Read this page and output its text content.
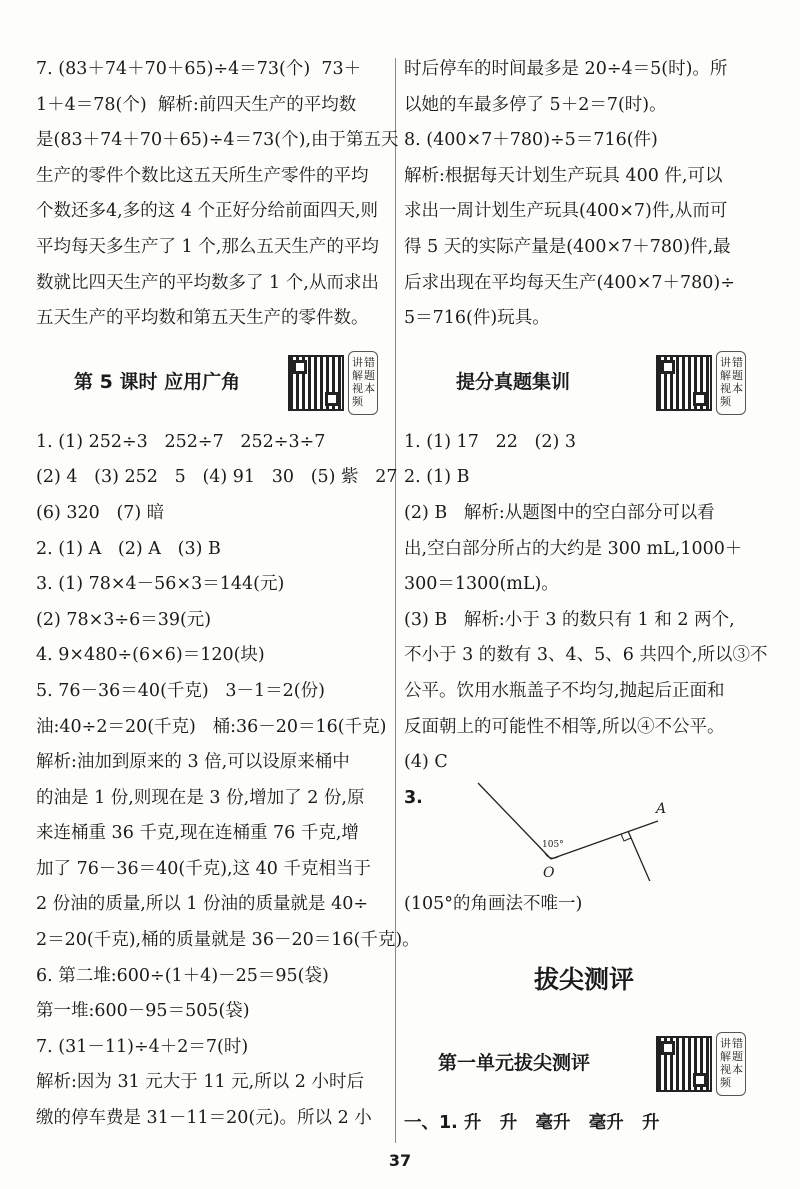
7. (83＋74＋70＋65)÷4＝73(个)  73＋
1＋4＝78(个)  解析:前四天生产的平均数
是(83＋74＋70＋65)÷4＝73(个),由于第五天
生产的零件个数比这五天所生产零件的平均
个数还多4,多的这 4 个正好分给前面四天,则
平均每天多生产了 1 个,那么五天生产的平均
数就比四天生产的平均数多了 1 个,从而求出
五天生产的平均数和第五天生产的零件数。
第 5 课时 应用广角
讲解视频
错题本
1. (1) 252÷3   252÷7   252÷3÷7
(2) 4   (3) 252   5   (4) 91   30   (5) 紫   27
(6) 320   (7) 暗
2. (1) A   (2) A   (3) B
3. (1) 78×4－56×3＝144(元)
(2) 78×3÷6＝39(元)
4. 9×480÷(6×6)＝120(块)
5. 76－36＝40(千克)   3－1＝2(份)
油:40÷2＝20(千克)   桶:36－20＝16(千克)
解析:油加到原来的 3 倍,可以设原来桶中
的油是 1 份,则现在是 3 份,增加了 2 份,原
来连桶重 36 千克,现在连桶重 76 千克,增
加了 76－36＝40(千克),这 40 千克相当于
2 份油的质量,所以 1 份油的质量就是 40÷
2＝20(千克),桶的质量就是 36－20＝16(千克)。
6. 第二堆:600÷(1＋4)－25＝95(袋)
第一堆:600－95＝505(袋)
7. (31－11)÷4＋2＝7(时)
解析:因为 31 元大于 11 元,所以 2 小时后
缴的停车费是 31－11＝20(元)。所以 2 小
时后停车的时间最多是 20÷4＝5(时)。所
以她的车最多停了 5＋2＝7(时)。
8. (400×7＋780)÷5＝716(件)
解析:根据每天计划生产玩具 400 件,可以
求出一周计划生产玩具(400×7)件,从而可
得 5 天的实际产量是(400×7＋780)件,最
后求出现在平均每天生产(400×7＋780)÷
5＝716(件)玩具。
提分真题集训
讲解视频
错题本
1. (1) 17   22   (2) 3
2. (1) B
(2) B   解析:从题图中的空白部分可以看
出,空白部分所占的大约是 300 mL,1000＋
300＝1300(mL)。
(3) B   解析:小于 3 的数只有 1 和 2 两个,
不小于 3 的数有 3、4、5、6 共四个,所以③不
公平。饮用水瓶盖子不均匀,抛起后正面和
反面朝上的可能性不相等,所以④不公平。
(4) C
3.
105°
O
A
(105°的角画法不唯一)
拔尖测评
第一单元拔尖测评
讲解视频
错题本
一、1. 升   升   毫升   毫升   升
37
